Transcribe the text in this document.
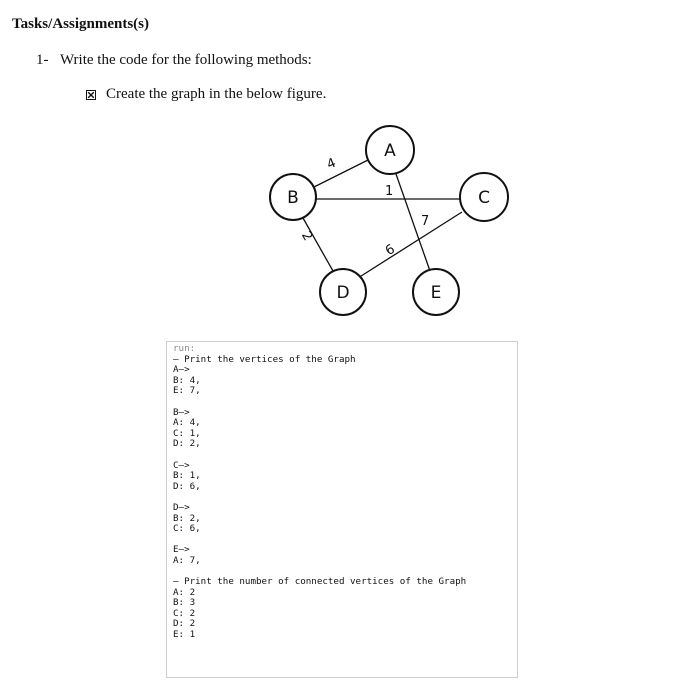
Tasks/Assignments(s)
1- Write the code for the following methods:
Create the graph in the below figure.
4
1
2
7
6
A
B	C
D	E
run:
— Print the vertices of the Graph
A–>
B: 4,
E: 7,
B–>
A: 4,
C: 1,
D: 2,
C–>
B: 1,
D: 6,
D–>
B: 2,
C: 6,
E–>
A: 7,
— Print the number of connected vertices of the Graph
A: 2
B: 3
C: 2
D: 2
E: 1
